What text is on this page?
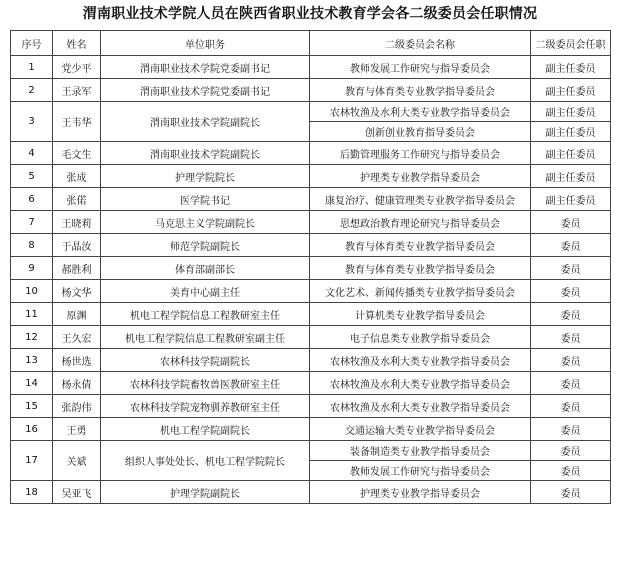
渭南职业技术学院人员在陕西省职业技术教育学会各二级委员会任职情况
序号	姓名	单位职务	二级委员会名称	二级委员会任职
1	党少平	渭南职业技术学院党委副书记	教师发展工作研究与指导委员会	副主任委员
2	王录军	渭南职业技术学院党委副书记	教育与体育类专业教学指导委员会	副主任委员
3	王韦华	渭南职业技术学院副院长	农林牧渔及水利大类专业教学指导委员会	副主任委员
			创新创业教育指导委员会	副主任委员
4	毛文生	渭南职业技术学院副院长	后勤管理服务工作研究与指导委员会	副主任委员
5	张成	护理学院院长	护理类专业教学指导委员会	副主任委员
6	张偌	医学院书记	康复治疗、健康管理类专业教学指导委员会	副主任委员
7	王晓莉	马克思主义学院副院长	思想政治教育理论研究与指导委员会	委员
8	于晶汝	师范学院副院长	教育与体育类专业教学指导委员会	委员
9	郝胜利	体育部副部长	教育与体育类专业教学指导委员会	委员
10	杨文华	美育中心副主任	文化艺术、新闻传播类专业教学指导委员会	委员
11	原渊	机电工程学院信息工程教研室主任	计算机类专业教学指导委员会	委员
12	王久宏	机电工程学院信息工程教研室副主任	电子信息类专业教学指导委员会	委员
13	杨世选	农林科技学院副院长	农林牧渔及水利大类专业教学指导委员会	委员
14	杨永倩	农林科技学院畜牧兽医教研室主任	农林牧渔及水利大类专业教学指导委员会	委员
15	张韵伟	农林科技学院宠物驯养教研室主任	农林牧渔及水利大类专业教学指导委员会	委员
16	王勇	机电工程学院副院长	交通运输大类专业教学指导委员会	委员
17	关斌	组织人事处处长、机电工程学院院长	装备制造类专业教学指导委员会	委员
			教师发展工作研究与指导委员会	委员
18	吴亚飞	护理学院副院长	护理类专业教学指导委员会	委员
